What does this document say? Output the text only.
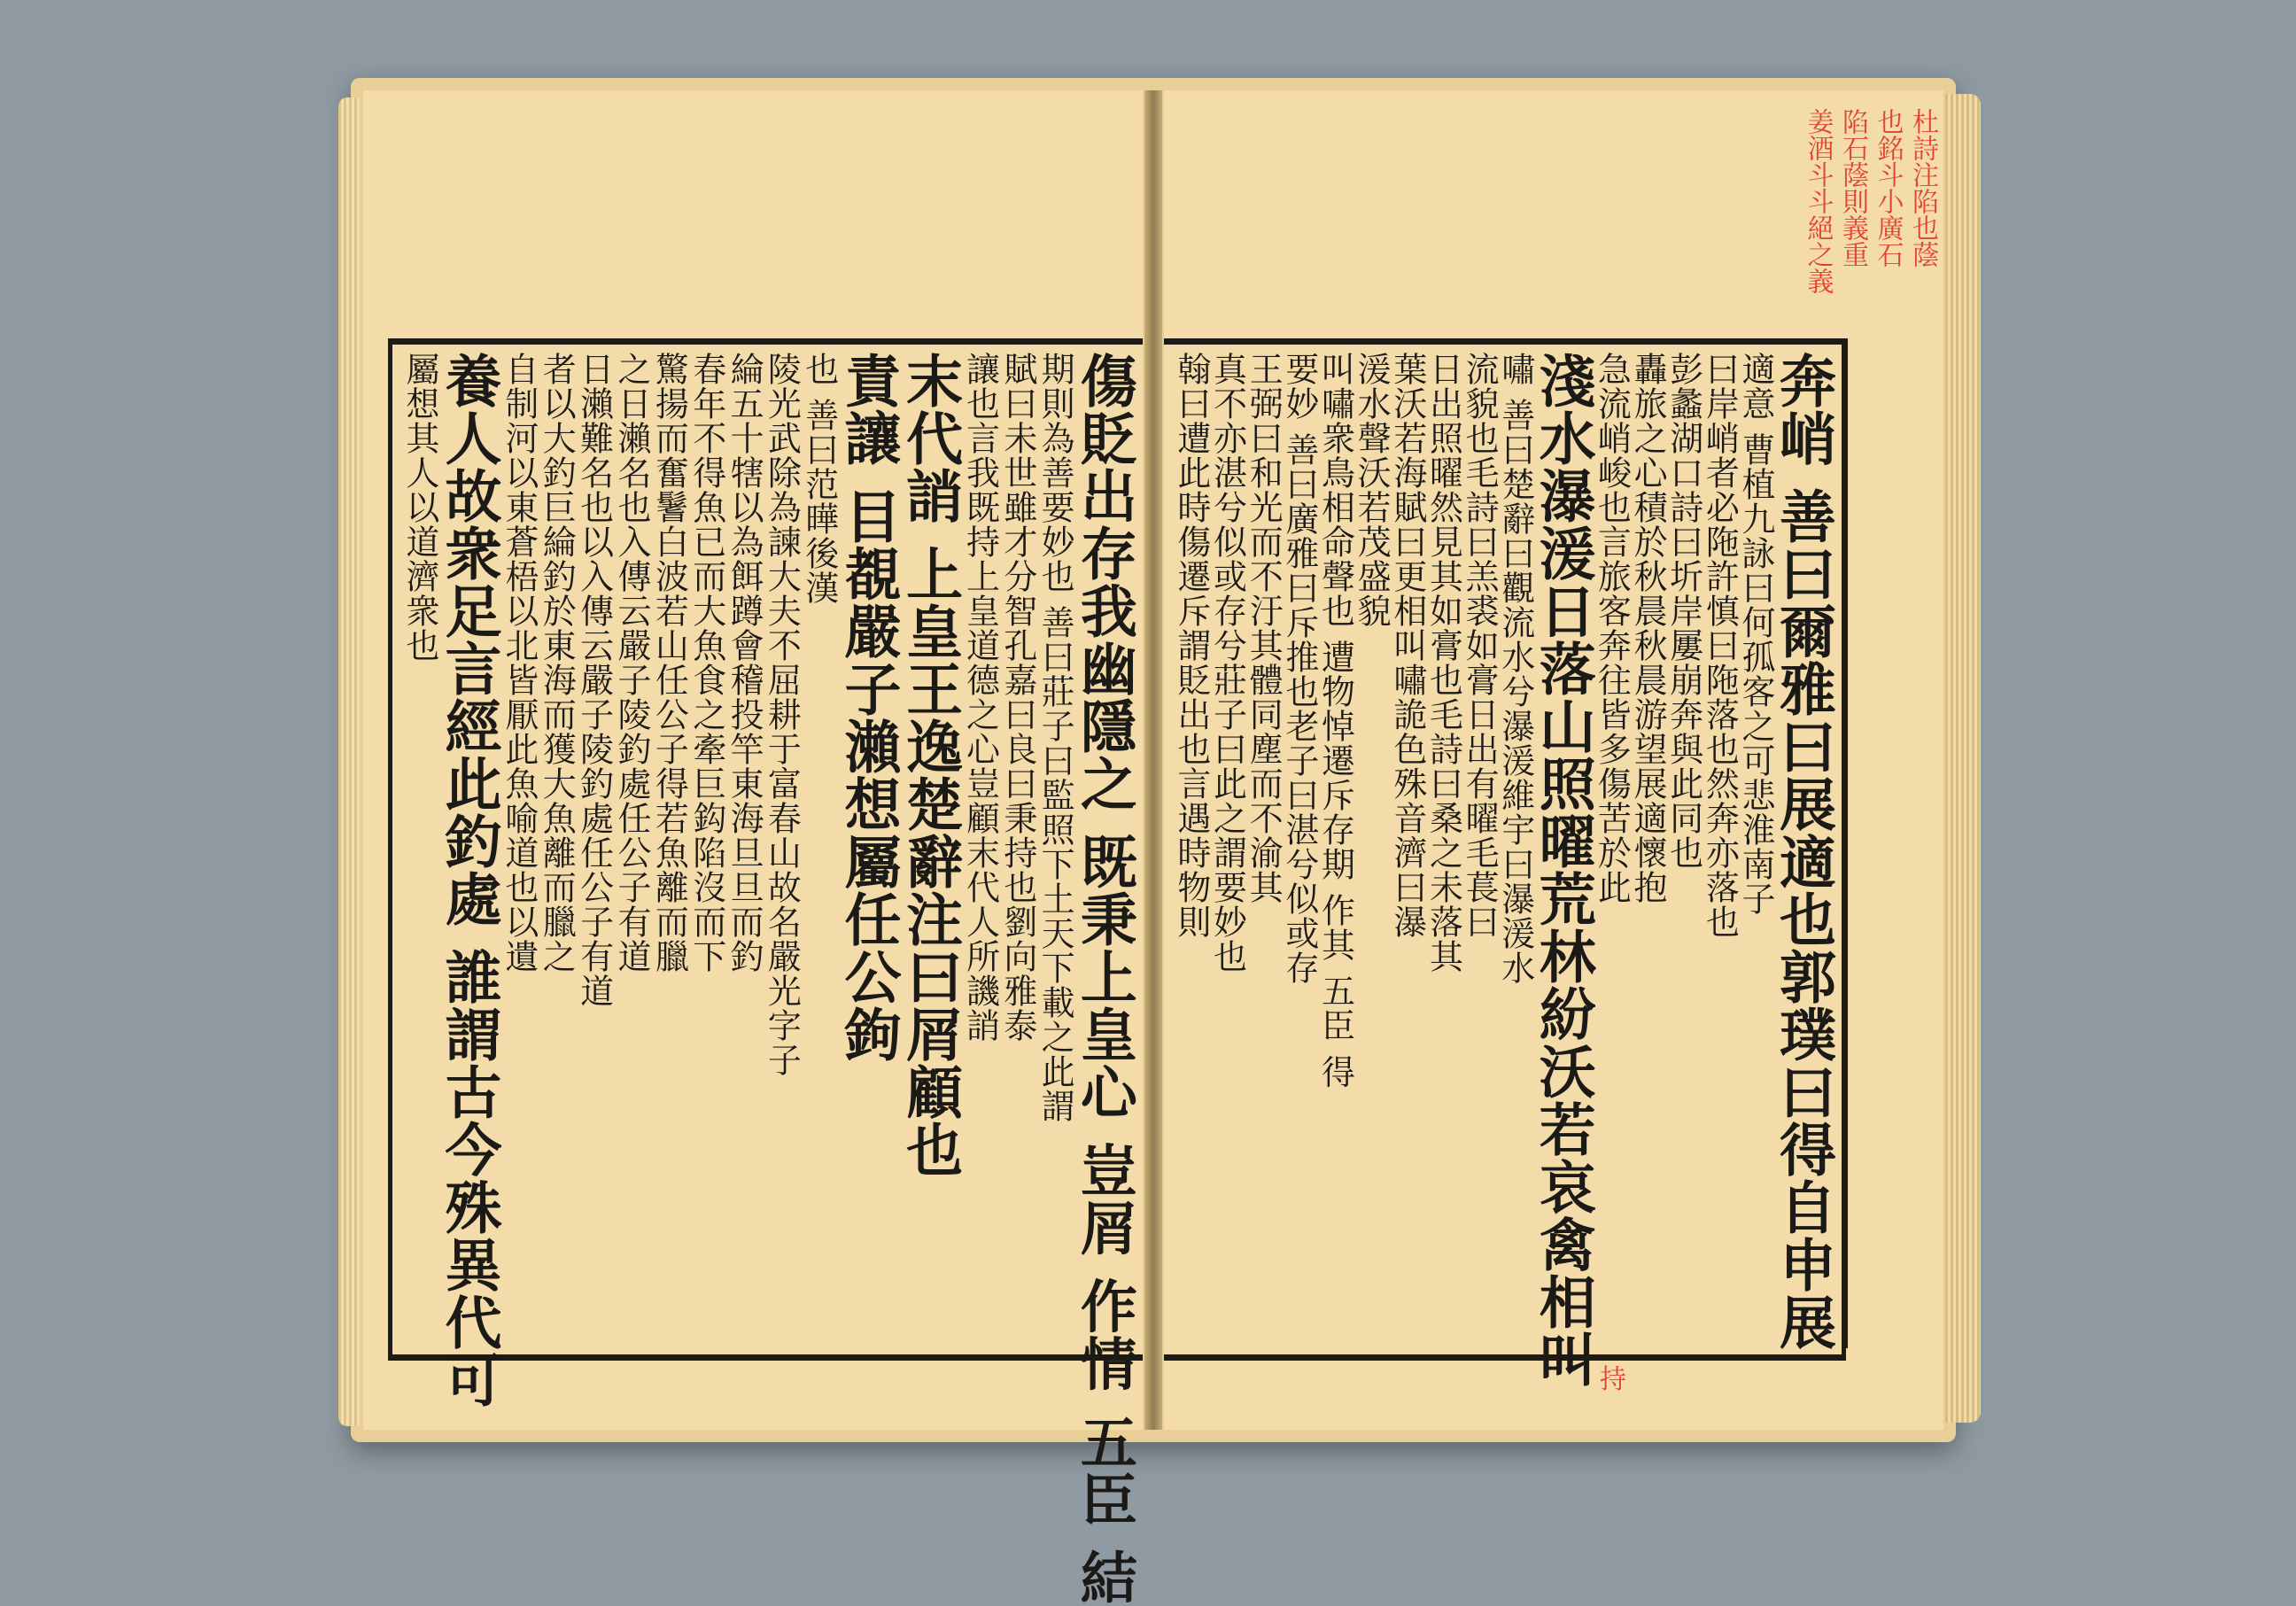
傷貶出存我幽隱之 既秉上皇心 豈屑 作情 五臣 結
期則為善要妙也 善曰莊子曰監照下土天下載之此謂
賦曰未世雖才分智孔嘉曰良曰秉持也劉向雅泰
讓也言我既持上皇道德之心豈顧末代人所譏誚
末代誚 上皇王逸楚辭注曰屑顧也
責讓 目覩嚴子瀨想屬任公鉤
也 善曰范曄後漢
陵光武除為諫大夫不屈耕于富春山故名嚴光字子
綸五十犗以為餌蹲會稽投竿東海旦旦而釣
春年不得魚已而大魚食之牽巨鈎陷沒而下
驚揚而奮鬐白波若山任公子得若魚離而臘
之日瀨名也入傳云嚴子陵釣處任公子有道
日瀨難名也以入傳云嚴子陵釣處任公子有道
者以大釣巨綸釣於東海而獲大魚離而臘之
自制河以東蒼梧以北皆厭此魚喻道也以遺
養人故衆足言經此釣處 誰謂古今殊異代可
屬想其人以道濟衆也
杜詩注陷也蔭
也銘斗小廣石
陷石蔭則義重
姜酒斗斗絕之義
奔峭 善曰爾雅曰展適也郭璞曰得自申展
適意 曹植九詠曰何孤客之可悲淮南子
曰岸峭者必陁許慎曰陁落也然奔亦落也
彭蠡湖口詩曰圻岸屢崩奔與此同也
轟旅之心積於秋晨秋晨游望展適懷抱
急流峭峻也言旅客奔往皆多傷苦於此
淺水瀑湲日落山照曜荒林紛沃若哀禽相叫
嘯 善曰楚辭曰觀流水兮瀑湲維宇曰瀑湲水
流貌也毛詩曰羔裘如膏日出有曜毛萇曰
日出照曜然見其如膏也毛詩曰桑之未落其
葉沃若海賦曰更相叫嘯詭色殊音濟曰瀑
湲水聲沃若茂盛貌
叫嘯衆鳥相命聲也 遭物悼遷斥存期 作其 五臣 得
要妙 善曰廣雅曰斥推也老子曰湛兮似或存
王弼曰和光而不汙其體同塵而不渝其
真不亦湛兮似或存兮莊子曰此之謂要妙也
翰曰遭此時傷遷斥謂貶出也言遇時物則
持
